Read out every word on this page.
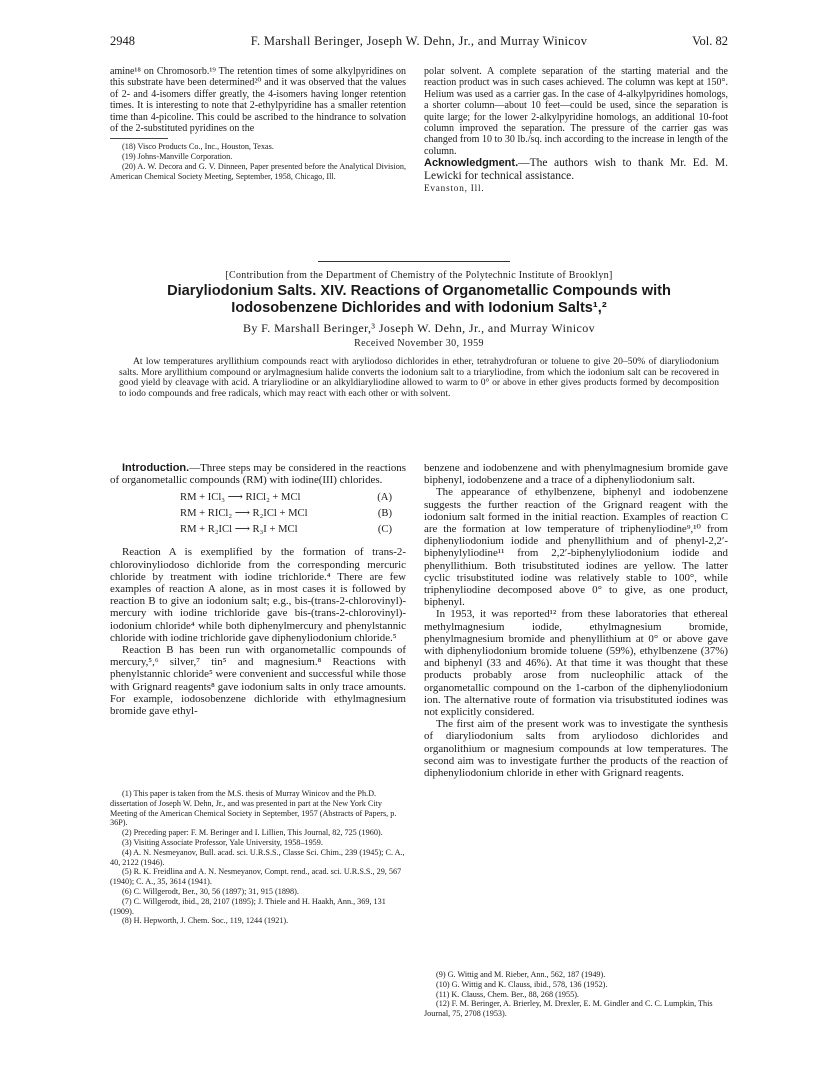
2948	F. Marshall Beringer, Joseph W. Dehn, Jr., and Murray Winicov	Vol. 82

amine¹⁸ on Chromosorb.¹⁹ The retention times of some alkylpyridines on this substrate have been determined²⁰ and it was observed that the values of 2- and 4-isomers differ greatly, the 4-isomers having longer retention times. It is interesting to note that 2-ethylpyridine has a smaller retention time than 4-picoline. This could be ascribed to the hindrance to solvation of the 2-substituted pyridines on the

(18) Visco Products Co., Inc., Houston, Texas.

(19) Johns-Manville Corporation.

(20) A. W. Decora and G. V. Dinneen, Paper presented before the Analytical Division, American Chemical Society Meeting, September, 1958, Chicago, Ill.

polar solvent. A complete separation of the starting material and the reaction product was in such cases achieved. The column was kept at 150°. Helium was used as a carrier gas. In the case of 4-alkylpyridines homologs, a shorter column—about 10 feet—could be used, since the separation is quite large; for the lower 2-alkylpyridine homologs, an additional 10-foot column improved the separation. The pressure of the carrier gas was changed from 10 to 30 lb./sq. inch according to the increase in length of the column.

Acknowledgment.—The authors wish to thank Mr. Ed. M. Lewicki for technical assistance.

Evanston, Ill.

[Contribution from the Department of Chemistry of the Polytechnic Institute of Brooklyn]
Diaryliodonium Salts. XIV. Reactions of Organometallic Compounds with
Iodosobenzene Dichlorides and with Iodonium Salts¹,²
By F. Marshall Beringer,³ Joseph W. Dehn, Jr., and Murray Winicov
Received November 30, 1959
At low temperatures aryllithium compounds react with aryliodoso dichlorides in ether, tetrahydrofuran or toluene to give 20–50% of diaryliodonium salts. More aryllithium compound or arylmagnesium halide converts the iodonium salt to a triaryliodine, from which the iodonium salt can be recovered in good yield by cleavage with acid. A triaryliodine or an alkyldiaryliodine allowed to warm to 0° or above in ether gives products formed by decomposition to iodo compounds and free radicals, which may react with each other or with solvent.

Introduction.—Three steps may be considered in the reactions of organometallic compounds (RM) with iodine(III) chlorides.

RM + ICl₃ ⟶ RICl₂ + MCl	(A)
RM + RICl₂ ⟶ R₂ICl + MCl	(B)
RM + R₂ICl ⟶ R₃I + MCl	(C)

Reaction A is exemplified by the formation of trans-2-chlorovinyliodoso dichloride from the corresponding mercuric chloride by treatment with iodine trichloride.⁴ There are few examples of reaction A alone, as in most cases it is followed by reaction B to give an iodonium salt; e.g., bis-(trans-2-chlorovinyl)-mercury with iodine trichloride gave bis-(trans-2-chlorovinyl)-iodonium chloride⁴ while both diphenylmercury and phenylstannic chloride with iodine trichloride gave diphenyliodonium chloride.⁵

Reaction B has been run with organometallic compounds of mercury,⁵,⁶ silver,⁷ tin⁵ and magnesium.⁸ Reactions with phenylstannic chloride⁵ were convenient and successful while those with Grignard reagents⁸ gave iodonium salts in only trace amounts. For example, iodosobenzene dichloride with ethylmagnesium bromide gave ethyl-

benzene and iodobenzene and with phenylmagnesium bromide gave biphenyl, iodobenzene and a trace of a diphenyliodonium salt.

The appearance of ethylbenzene, biphenyl and iodobenzene suggests the further reaction of the Grignard reagent with the iodonium salt formed in the initial reaction. Examples of reaction C are the formation at low temperature of triphenyliodine⁹,¹⁰ from diphenyliodonium iodide and phenyllithium and of phenyl-2,2′-biphenylyliodine¹¹ from 2,2′-biphenylyliodonium iodide and phenyllithium. Both trisubstituted iodines are yellow. The latter cyclic trisubstituted iodine was relatively stable to 100°, while triphenyliodine decomposed above 0° to give, as one product, biphenyl.

In 1953, it was reported¹² from these laboratories that ethereal methylmagnesium iodide, ethylmagnesium bromide, phenylmagnesium bromide and phenyllithium at 0° or above gave with diphenyliodonium bromide toluene (59%), ethylbenzene (37%) and biphenyl (33 and 46%). At that time it was thought that these products probably arose from nucleophilic attack of the organometallic compound on the 1-carbon of the diphenyliodonium ion. The alternative route of formation via trisubstituted iodines was not explicitly considered.

The first aim of the present work was to investigate the synthesis of diaryliodonium salts from aryliodoso dichlorides and organolithium or magnesium compounds at low temperatures. The second aim was to investigate further the products of the reaction of diphenyliodonium chloride in ether with Grignard reagents.

(1) This paper is taken from the M.S. thesis of Murray Winicov and the Ph.D. dissertation of Joseph W. Dehn, Jr., and was presented in part at the New York City Meeting of the American Chemical Society in September, 1957 (Abstracts of Papers, p. 36P).

(2) Preceding paper: F. M. Beringer and I. Lillien, This Journal, 82, 725 (1960).

(3) Visiting Associate Professor, Yale University, 1958–1959.

(4) A. N. Nesmeyanov, Bull. acad. sci. U.R.S.S., Classe Sci. Chim., 239 (1945); C. A., 40, 2122 (1946).

(5) R. K. Freidlina and A. N. Nesmeyanov, Compt. rend., acad. sci. U.R.S.S., 29, 567 (1940); C. A., 35, 3614 (1941).

(6) C. Willgerodt, Ber., 30, 56 (1897); 31, 915 (1898).

(7) C. Willgerodt, ibid., 28, 2107 (1895); J. Thiele and H. Haakh, Ann., 369, 131 (1909).

(8) H. Hepworth, J. Chem. Soc., 119, 1244 (1921).

(9) G. Wittig and M. Rieber, Ann., 562, 187 (1949).

(10) G. Wittig and K. Clauss, ibid., 578, 136 (1952).

(11) K. Clauss, Chem. Ber., 88, 268 (1955).

(12) F. M. Beringer, A. Brierley, M. Drexler, E. M. Gindler and C. C. Lumpkin, This Journal, 75, 2708 (1953).
